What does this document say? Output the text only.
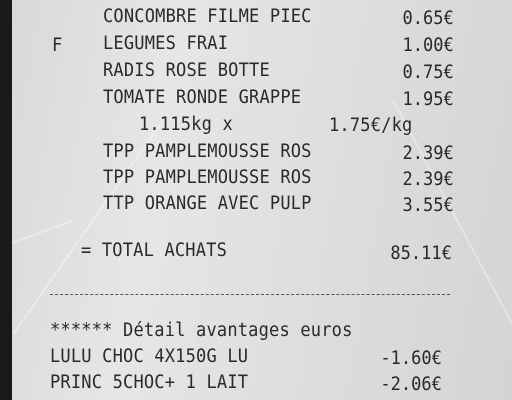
CONCOMBRE FILME PIEC	0.65€
F LEGUMES FRAI	1.00€
RADIS ROSE BOTTE	0.75€
TOMATE RONDE GRAPPE	1.95€
1.115kg x	1.75€/kg
TPP PAMPLEMOUSSE ROS	2.39€
TPP PAMPLEMOUSSE ROS	2.39€
TTP ORANGE AVEC PULP	3.55€
= TOTAL ACHATS	85.11€
****** Détail avantages euros
LULU CHOC 4X150G LU	-1.60€
PRINC 5CHOC+ 1 LAIT	-2.06€
